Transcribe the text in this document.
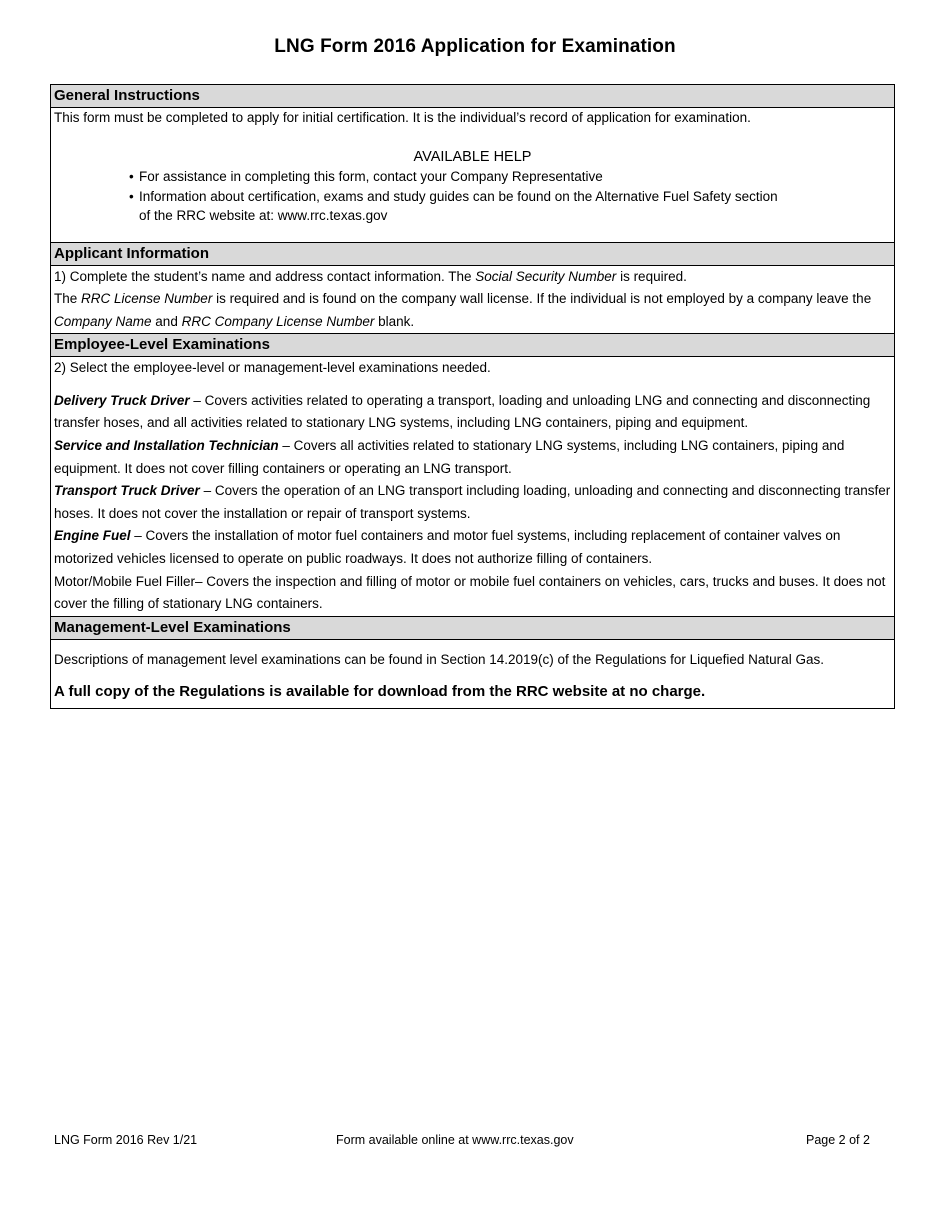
LNG Form 2016 Application for Examination
General Instructions
This form must be completed to apply for initial certification. It is the individual’s record of application for examination.
AVAILABLE HELP
• For assistance in completing this form, contact your Company Representative
• Information about certification, exams and study guides can be found on the Alternative Fuel Safety section of the RRC website at: www.rrc.texas.gov
Applicant Information
1) Complete the student’s name and address contact information. The Social Security Number is required.
The RRC License Number is required and is found on the company wall license. If the individual is not employed by a company leave the Company Name and RRC Company License Number blank.
Employee-Level Examinations
2) Select the employee-level or management-level examinations needed.
Delivery Truck Driver – Covers activities related to operating a transport, loading and unloading LNG and connecting and disconnecting transfer hoses, and all activities related to stationary LNG systems, including LNG containers, piping and equipment.
Service and Installation Technician – Covers all activities related to stationary LNG systems, including LNG containers, piping and equipment. It does not cover filling containers or operating an LNG transport.
Transport Truck Driver – Covers the operation of an LNG transport including loading, unloading and connecting and disconnecting transfer hoses. It does not cover the installation or repair of transport systems.
Engine Fuel – Covers the installation of motor fuel containers and motor fuel systems, including replacement of container valves on motorized vehicles licensed to operate on public roadways. It does not authorize filling of containers.
Motor/Mobile Fuel Filler– Covers the inspection and filling of motor or mobile fuel containers on vehicles, cars, trucks and buses. It does not cover the filling of stationary LNG containers.
Management-Level Examinations
Descriptions of management level examinations can be found in Section 14.2019(c) of the Regulations for Liquefied Natural Gas.
A full copy of the Regulations is available for download from the RRC website at no charge.
LNG Form 2016 Rev 1/21	Form available online at www.rrc.texas.gov	Page 2 of 2
